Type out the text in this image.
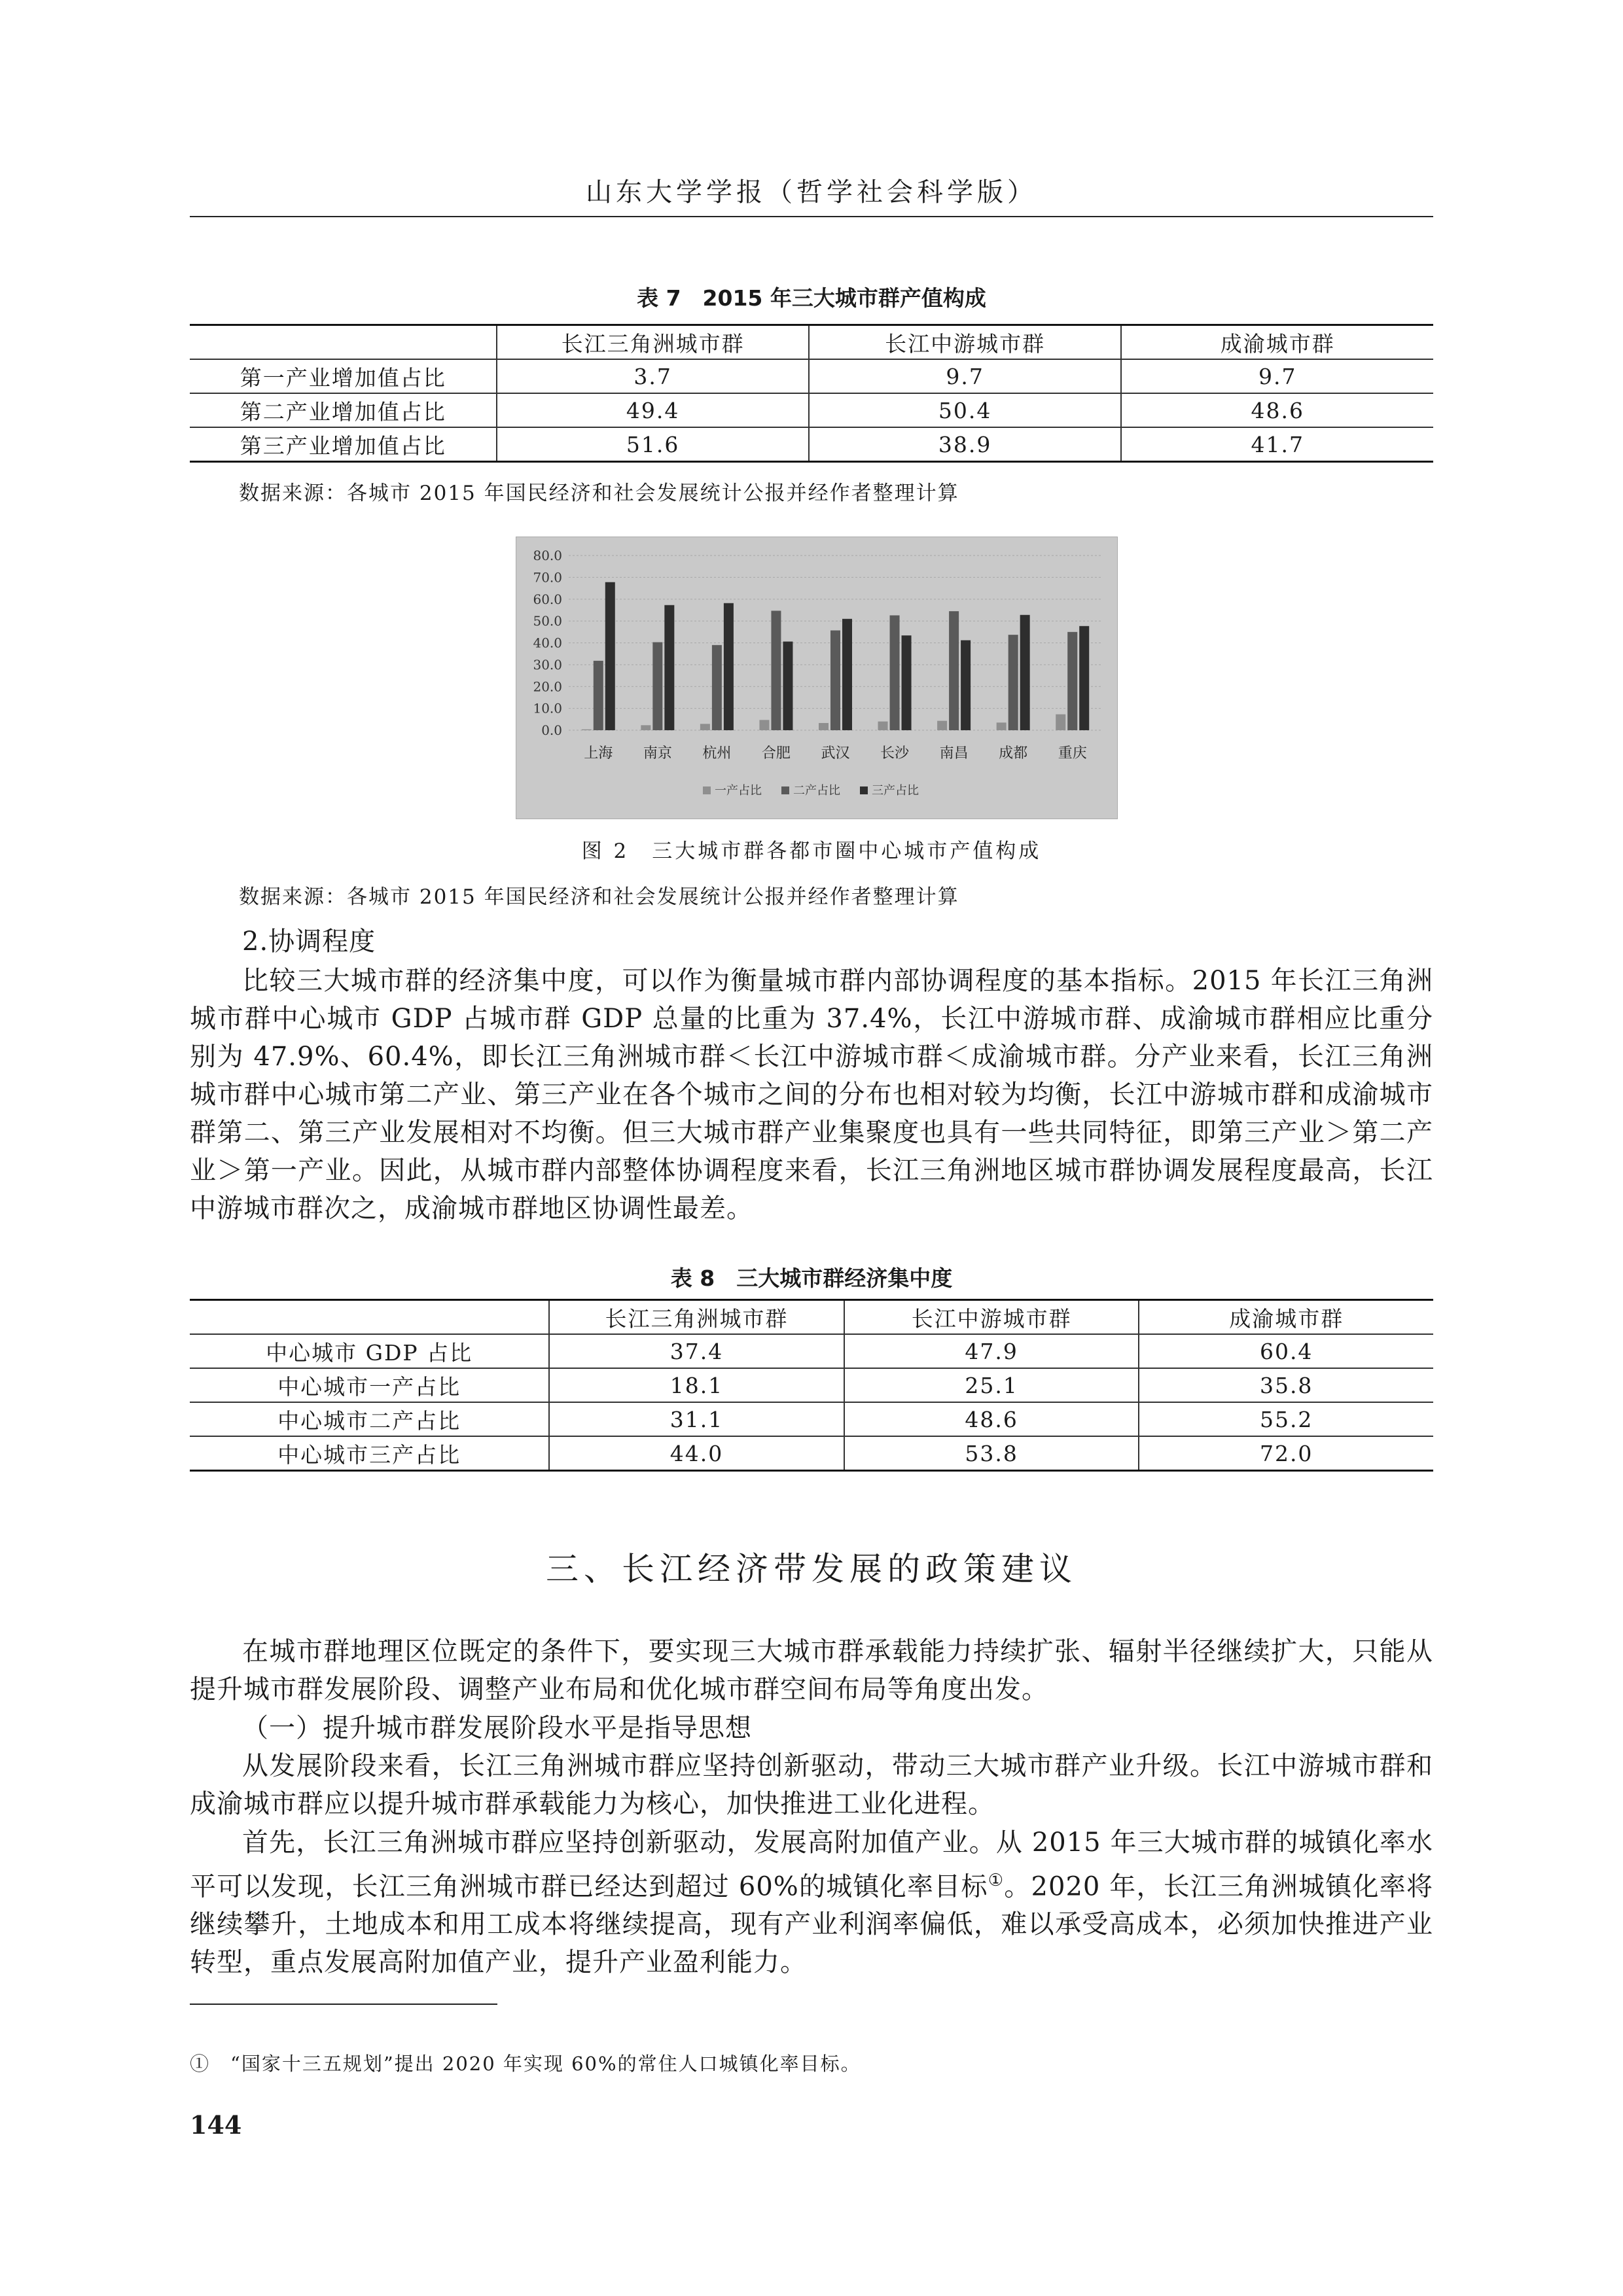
山东大学学报（哲学社会科学版）
表 7　2015 年三大城市群产值构成
	长江三角洲城市群	长江中游城市群	成渝城市群
第一产业增加值占比	3.7	9.7	9.7
第二产业增加值占比	49.4	50.4	48.6
第三产业增加值占比	51.6	38.9	41.7
数据来源：各城市 2015 年国民经济和社会发展统计公报并经作者整理计算
80.0
70.0
60.0
50.0
40.0
30.0
20.0
10.0
0.0
上海 南京 杭州 合肥 武汉 长沙 南昌 成都 重庆
一产占比	二产占比	三产占比
图 2　三大城市群各都市圈中心城市产值构成
数据来源：各城市 2015 年国民经济和社会发展统计公报并经作者整理计算
2.协调程度
比较三大城市群的经济集中度，可以作为衡量城市群内部协调程度的基本指标。2015 年长江三角洲城市群中心城市 GDP 占城市群 GDP 总量的比重为 37.4%，长江中游城市群、成渝城市群相应比重分别为 47.9%、60.4%，即长江三角洲城市群＜长江中游城市群＜成渝城市群。分产业来看，长江三角洲城市群中心城市第二产业、第三产业在各个城市之间的分布也相对较为均衡，长江中游城市群和成渝城市群第二、第三产业发展相对不均衡。但三大城市群产业集聚度也具有一些共同特征，即第三产业＞第二产业＞第一产业。因此，从城市群内部整体协调程度来看，长江三角洲地区城市群协调发展程度最高，长江中游城市群次之，成渝城市群地区协调性最差。
表 8　三大城市群经济集中度
	长江三角洲城市群	长江中游城市群	成渝城市群
中心城市 GDP 占比	37.4	47.9	60.4
中心城市一产占比	18.1	25.1	35.8
中心城市二产占比	31.1	48.6	55.2
中心城市三产占比	44.0	53.8	72.0
三、长江经济带发展的政策建议
在城市群地理区位既定的条件下，要实现三大城市群承载能力持续扩张、辐射半径继续扩大，只能从提升城市群发展阶段、调整产业布局和优化城市群空间布局等角度出发。
（一）提升城市群发展阶段水平是指导思想
从发展阶段来看，长江三角洲城市群应坚持创新驱动，带动三大城市群产业升级。长江中游城市群和成渝城市群应以提升城市群承载能力为核心，加快推进工业化进程。
首先，长江三角洲城市群应坚持创新驱动，发展高附加值产业。从 2015 年三大城市群的城镇化率水平可以发现，长江三角洲城市群已经达到超过 60%的城镇化率目标①。2020 年，长江三角洲城镇化率将继续攀升，土地成本和用工成本将继续提高，现有产业利润率偏低，难以承受高成本，必须加快推进产业转型，重点发展高附加值产业，提升产业盈利能力。
①　“国家十三五规划”提出 2020 年实现 60%的常住人口城镇化率目标。
144
